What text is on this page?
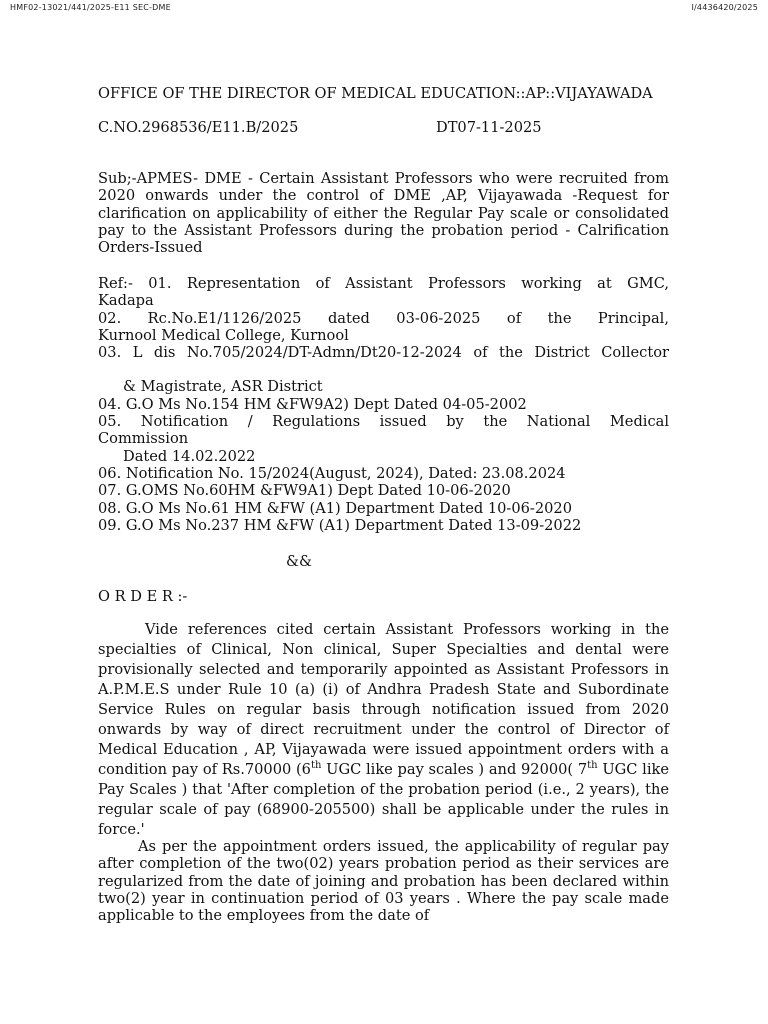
HMF02-13021/441/2025-E11 SEC-DME	I/4436420/2025
OFFICE OF THE DIRECTOR OF MEDICAL EDUCATION::AP::VIJAYAWADA
C.NO.2968536/E11.B/2025	DT07-11-2025
Sub;-APMES- DME - Certain Assistant Professors who were recruited from 2020 onwards under the control of DME ,AP, Vijayawada -Request for clarification on applicability of either the Regular Pay scale or consolidated pay to the Assistant Professors during the probation period - Calrification Orders-Issued

Ref:- 01. Representation of Assistant Professors working at GMC,

Kadapa

02. Rc.No.E1/1126/2025 dated 03-06-2025 of the Principal,

Kurnool Medical College, Kurnool

03. L dis No.705/2024/DT-Admn/Dt20-12-2024 of the District Collector

& Magistrate, ASR District

04. G.O Ms No.154 HM &FW9A2) Dept Dated 04-05-2002

05. Notification / Regulations issued by the National Medical

Commission

Dated 14.02.2022

06. Notification No. 15/2024(August, 2024), Dated: 23.08.2024

07. G.OMS No.60HM &FW9A1) Dept Dated 10-06-2020

08. G.O Ms No.61 HM &FW (A1) Department Dated 10-06-2020

09. G.O Ms No.237 HM &FW (A1) Department Dated 13-09-2022

&&
O R D E R :-
Vide references cited certain Assistant Professors working in the specialties of Clinical, Non clinical, Super Specialties and dental were provisionally selected and temporarily appointed as Assistant Professors in A.P.M.E.S under Rule 10 (a) (i) of Andhra Pradesh State and Subordinate Service Rules on regular basis through notification issued from 2020 onwards by way of direct recruitment under the control of Director of Medical Education , AP, Vijayawada were issued appointment orders with a condition pay of Rs.70000 (6th UGC like pay scales ) and 92000( 7th UGC like Pay Scales ) that 'After completion of the probation period (i.e., 2 years), the regular scale of pay (68900-205500) shall be applicable under the rules in force.'
As per the appointment orders issued, the applicability of regular pay after completion of the two(02) years probation period as their services are regularized from the date of joining and probation has been declared within two(2) year in continuation period of 03 years . Where the pay scale made applicable to the employees from the date of
